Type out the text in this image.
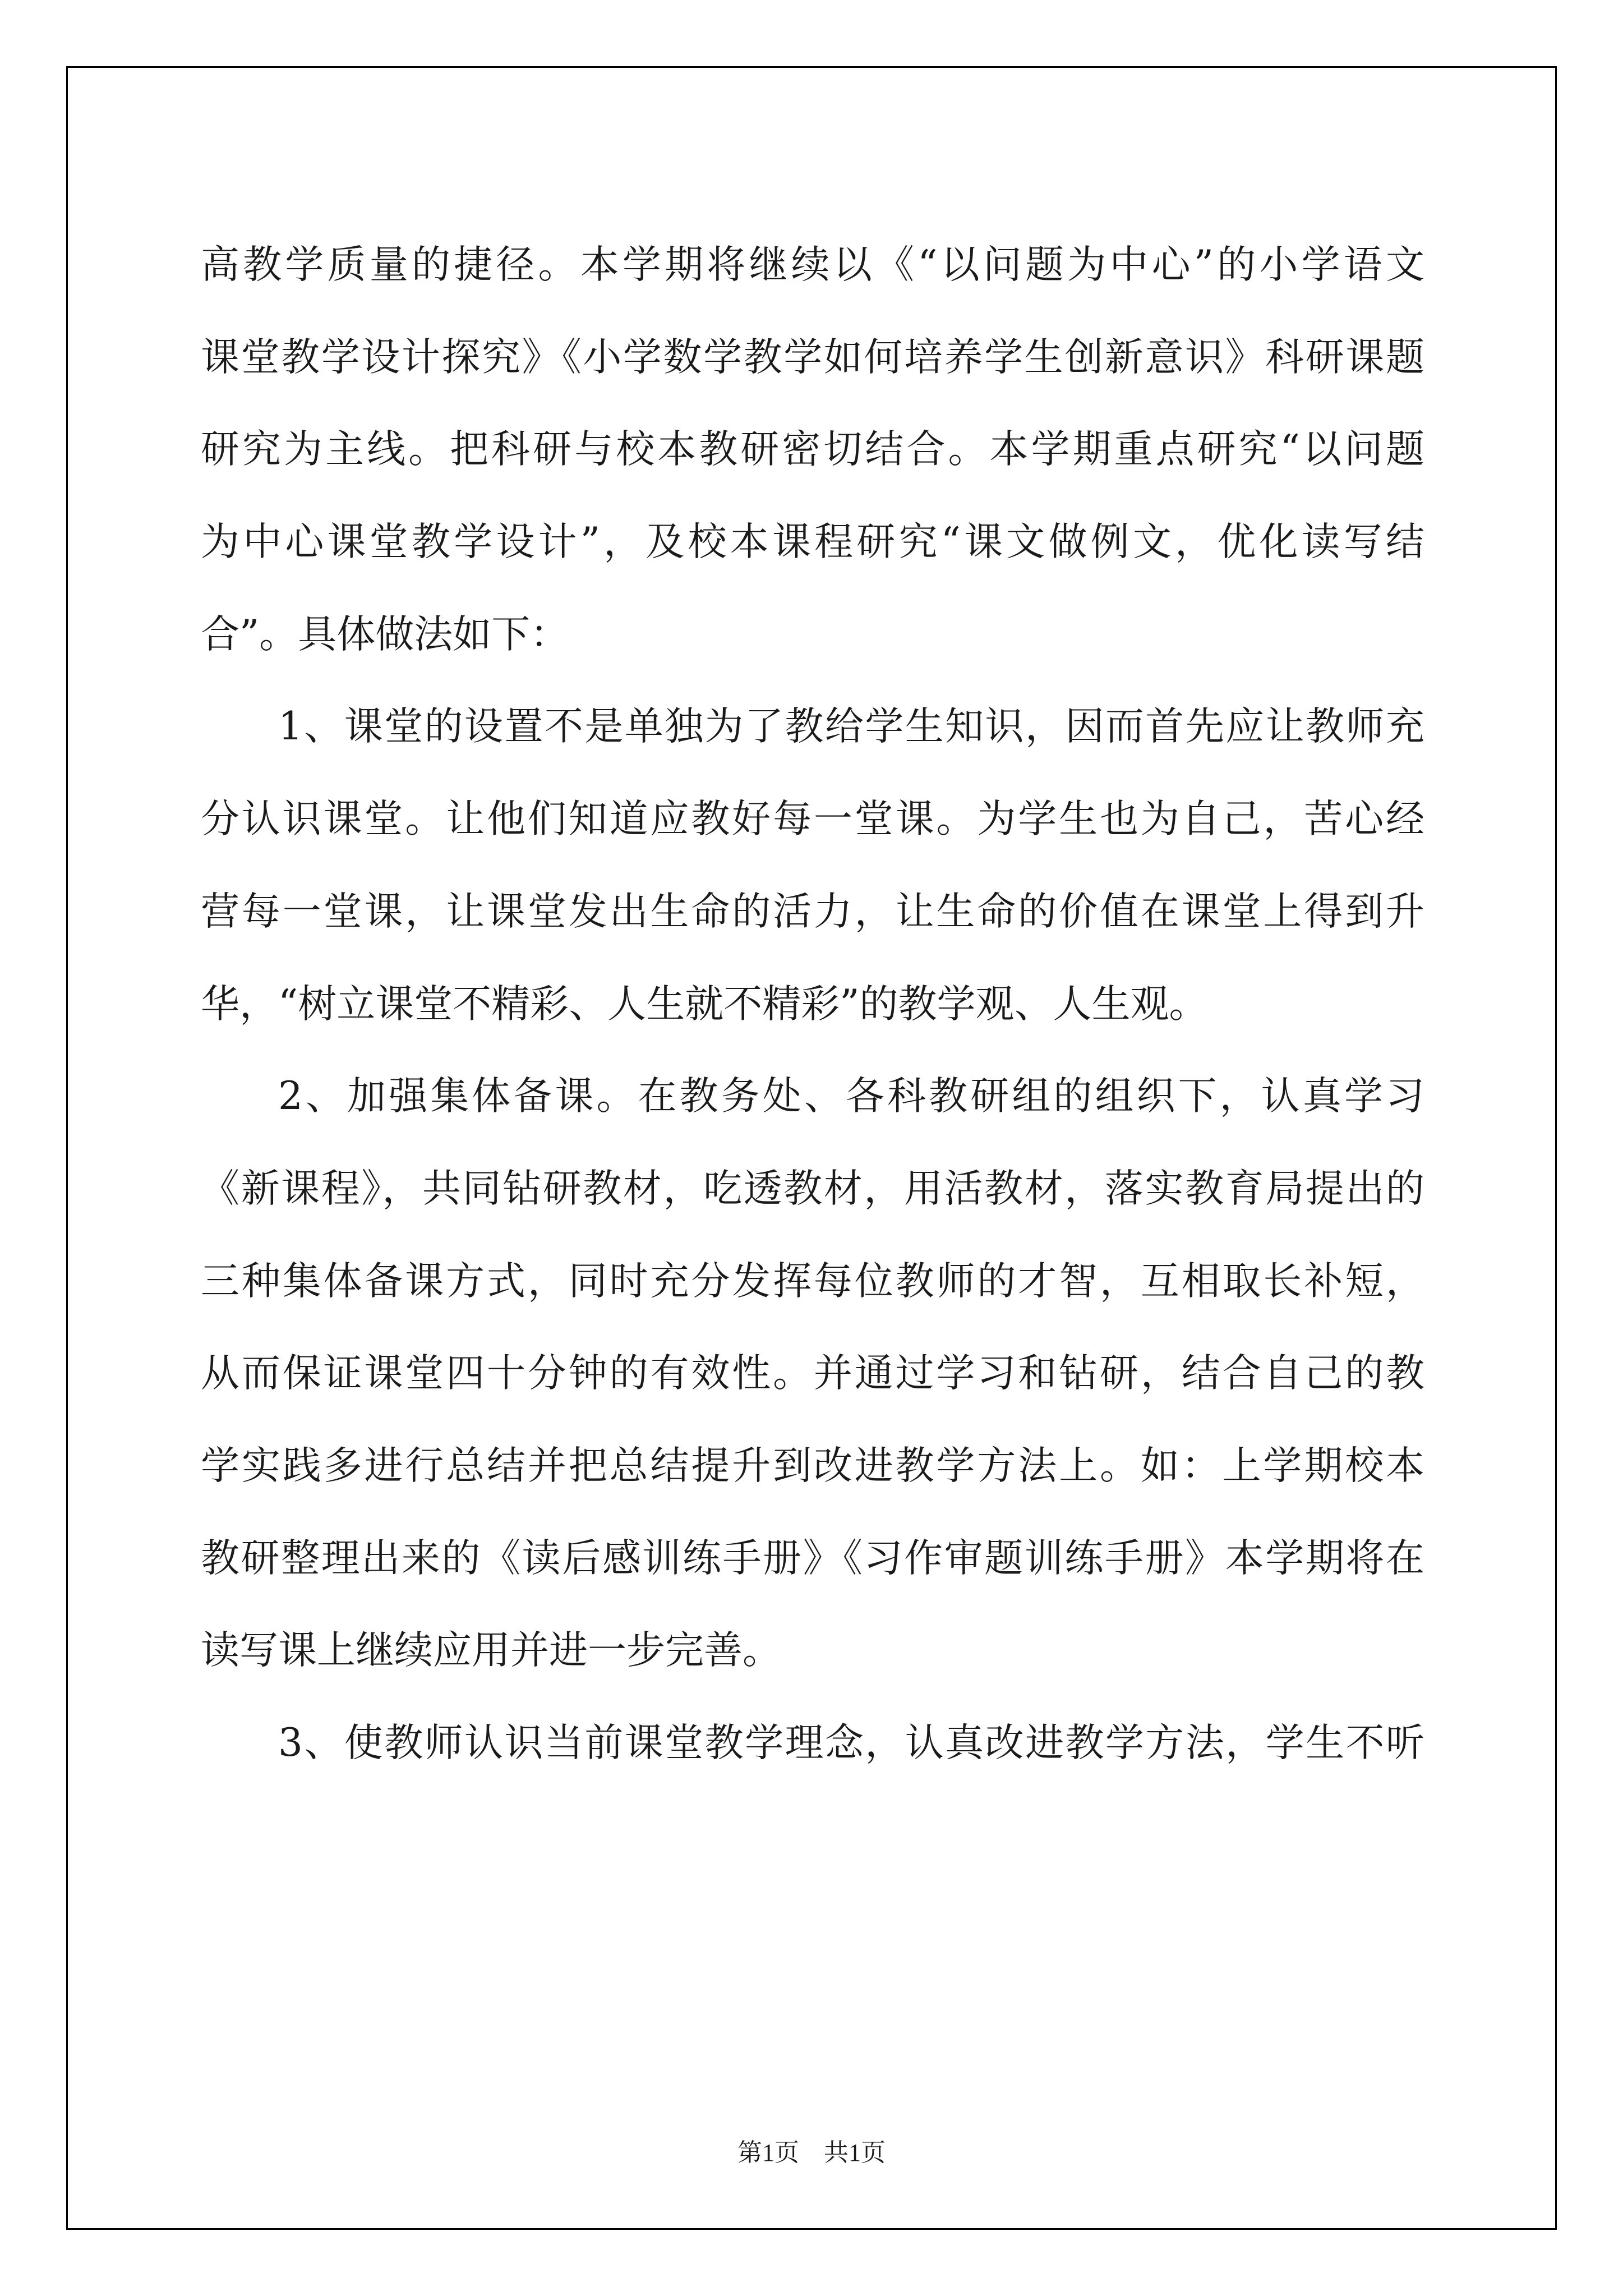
高教学质量的捷径。本学期将继续以《“以问题为中心”的小学语文
课堂教学设计探究》《小学数学教学如何培养学生创新意识》科研课题
研究为主线。把科研与校本教研密切结合。本学期重点研究“以问题
为中心课堂教学设计”，及校本课程研究“课文做例文，优化读写结
合”。具体做法如下：
1、课堂的设置不是单独为了教给学生知识，因而首先应让教师充
分认识课堂。让他们知道应教好每一堂课。为学生也为自己，苦心经
营每一堂课，让课堂发出生命的活力，让生命的价值在课堂上得到升
华，“树立课堂不精彩、人生就不精彩”的教学观、人生观。
2、加强集体备课。在教务处、各科教研组的组织下，认真学习
《新课程》，共同钻研教材，吃透教材，用活教材，落实教育局提出的
三种集体备课方式，同时充分发挥每位教师的才智，互相取长补短，
从而保证课堂四十分钟的有效性。并通过学习和钻研，结合自己的教
学实践多进行总结并把总结提升到改进教学方法上。如：上学期校本
教研整理出来的《读后感训练手册》《习作审题训练手册》本学期将在
读写课上继续应用并进一步完善。
3、使教师认识当前课堂教学理念，认真改进教学方法，学生不听
第1页　共1页
